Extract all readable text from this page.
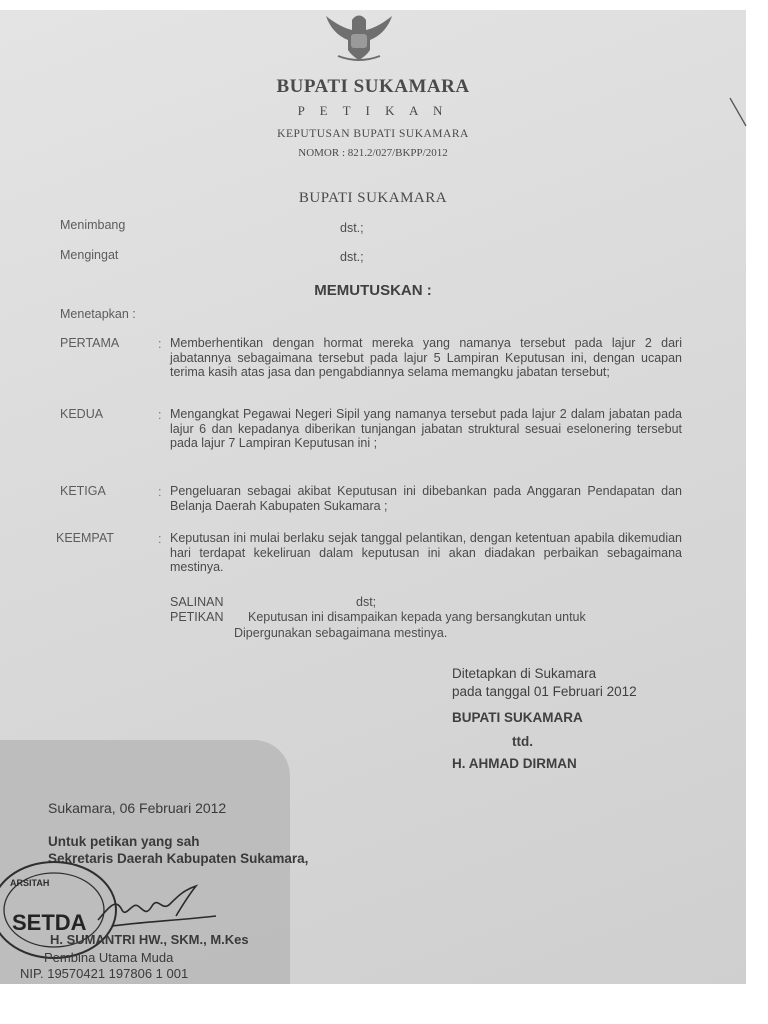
BUPATI SUKAMARA
P E T I K A N
KEPUTUSAN BUPATI SUKAMARA
NOMOR : 821.2/027/BKPP/2012
BUPATI SUKAMARA
Menimbang	dst.;
Mengingat	dst.;
MEMUTUSKAN :
Menetapkan :
PERTAMA	: Memberhentikan dengan hormat mereka yang namanya tersebut pada lajur 2 dari jabatannya sebagaimana tersebut pada lajur 5 Lampiran Keputusan ini, dengan ucapan terima kasih atas jasa dan pengabdiannya selama memangku jabatan tersebut;
KEDUA	: Mengangkat Pegawai Negeri Sipil yang namanya tersebut pada lajur 2 dalam jabatan pada lajur 6 dan kepadanya diberikan tunjangan jabatan struktural sesuai eselonering tersebut pada lajur 7 Lampiran Keputusan ini ;
KETIGA	: Pengeluaran sebagai akibat Keputusan ini dibebankan pada Anggaran Pendapatan dan Belanja Daerah Kabupaten Sukamara ;
KEEMPAT	: Keputusan ini mulai berlaku sejak tanggal pelantikan, dengan ketentuan apabila dikemudian hari terdapat kekeliruan dalam keputusan ini akan diadakan perbaikan sebagaimana mestinya.
SALINAN	dst;
PETIKAN Keputusan ini disampaikan kepada yang bersangkutan untuk
Dipergunakan sebagaimana mestinya.
Ditetapkan di Sukamara
pada tanggal 01 Februari 2012
BUPATI SUKAMARA
ttd.
H. AHMAD DIRMAN
Sukamara, 06 Februari 2012
Untuk petikan yang sah
Sekretaris Daerah Kabupaten Sukamara,
ARSITAH
SETDA
H. SUMANTRI HW., SKM., M.Kes
Pembina Utama Muda
NIP. 19570421 197806 1 001
